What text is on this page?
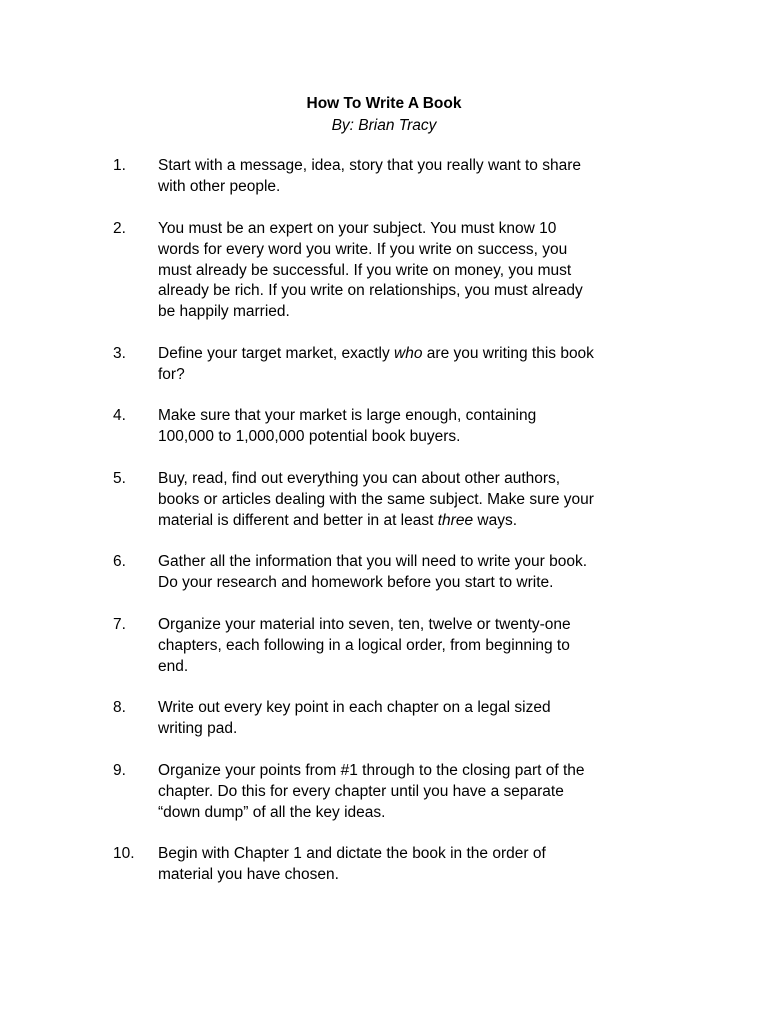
How To Write A Book
By: Brian Tracy
1. Start with a message, idea, story that you really want to share
with other people.
2. You must be an expert on your subject. You must know 10
words for every word you write. If you write on success, you
must already be successful. If you write on money, you must
already be rich. If you write on relationships, you must already
be happily married.
3. Define your target market, exactly who are you writing this book
for?
4. Make sure that your market is large enough, containing
100,000 to 1,000,000 potential book buyers.
5. Buy, read, find out everything you can about other authors,
books or articles dealing with the same subject. Make sure your
material is different and better in at least three ways.
6. Gather all the information that you will need to write your book.
Do your research and homework before you start to write.
7. Organize your material into seven, ten, twelve or twenty-one
chapters, each following in a logical order, from beginning to
end.
8. Write out every key point in each chapter on a legal sized
writing pad.
9. Organize your points from #1 through to the closing part of the
chapter. Do this for every chapter until you have a separate
“down dump” of all the key ideas.
10. Begin with Chapter 1 and dictate the book in the order of
material you have chosen.
